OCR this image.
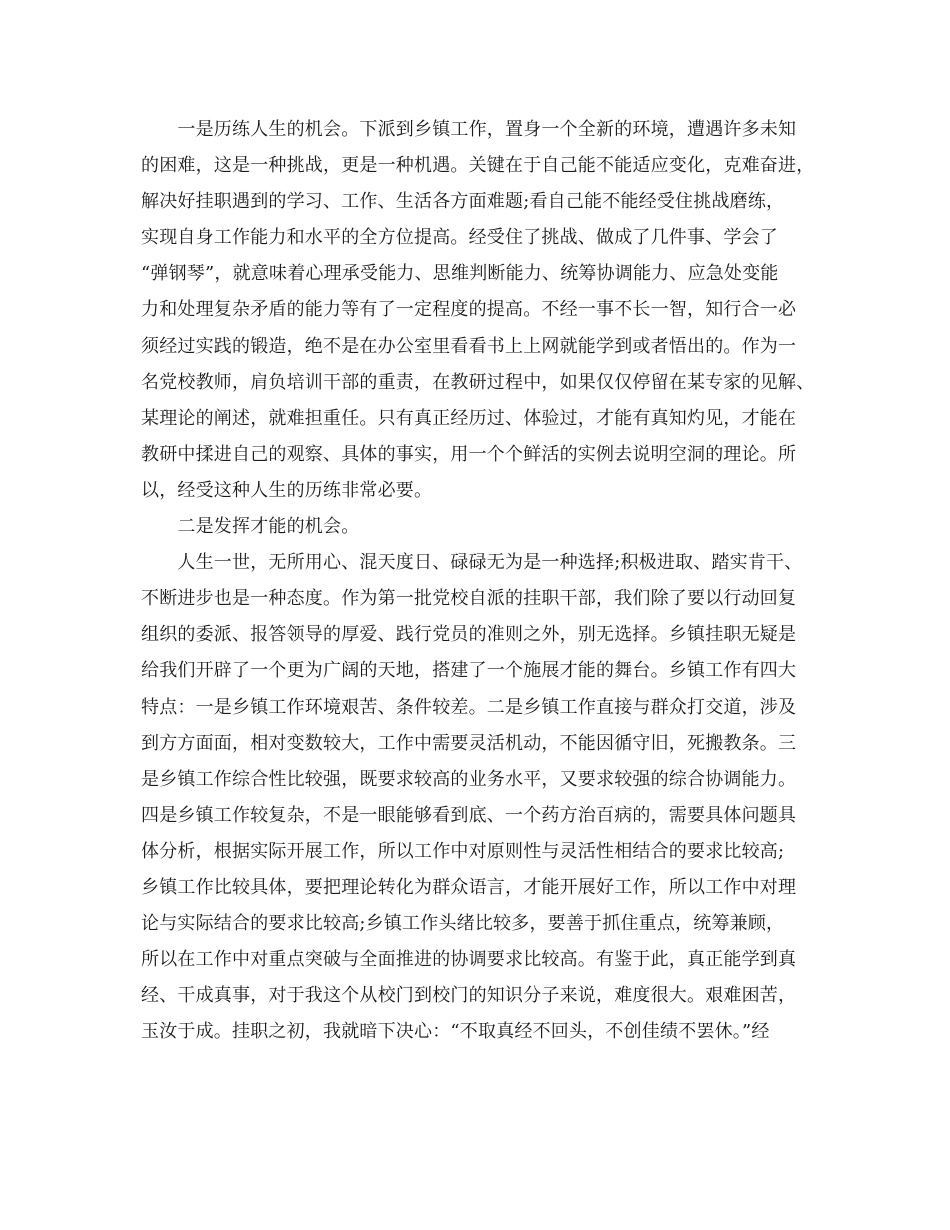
　　一是历练人生的机会。下派到乡镇工作，置身一个全新的环境，遭遇许多未知
的困难，这是一种挑战，更是一种机遇。关键在于自己能不能适应变化，克难奋进，
解决好挂职遇到的学习、工作、生活各方面难题;看自己能不能经受住挑战磨练，
实现自身工作能力和水平的全方位提高。经受住了挑战、做成了几件事、学会了
“弹钢琴”，就意味着心理承受能力、思维判断能力、统筹协调能力、应急处变能
力和处理复杂矛盾的能力等有了一定程度的提高。不经一事不长一智，知行合一必
须经过实践的锻造，绝不是在办公室里看看书上上网就能学到或者悟出的。作为一
名党校教师，肩负培训干部的重责，在教研过程中，如果仅仅停留在某专家的见解、
某理论的阐述，就难担重任。只有真正经历过、体验过，才能有真知灼见，才能在
教研中揉进自己的观察、具体的事实，用一个个鲜活的实例去说明空洞的理论。所
以，经受这种人生的历练非常必要。
　　二是发挥才能的机会。
　　人生一世，无所用心、混天度日、碌碌无为是一种选择;积极进取、踏实肯干、
不断进步也是一种态度。作为第一批党校自派的挂职干部，我们除了要以行动回复
组织的委派、报答领导的厚爱、践行党员的准则之外，别无选择。乡镇挂职无疑是
给我们开辟了一个更为广阔的天地，搭建了一个施展才能的舞台。乡镇工作有四大
特点：一是乡镇工作环境艰苦、条件较差。二是乡镇工作直接与群众打交道，涉及
到方方面面，相对变数较大，工作中需要灵活机动，不能因循守旧，死搬教条。三
是乡镇工作综合性比较强，既要求较高的业务水平，又要求较强的综合协调能力。
四是乡镇工作较复杂，不是一眼能够看到底、一个药方治百病的，需要具体问题具
体分析，根据实际开展工作，所以工作中对原则性与灵活性相结合的要求比较高;
乡镇工作比较具体，要把理论转化为群众语言，才能开展好工作，所以工作中对理
论与实际结合的要求比较高;乡镇工作头绪比较多，要善于抓住重点，统筹兼顾，
所以在工作中对重点突破与全面推进的协调要求比较高。有鉴于此，真正能学到真
经、干成真事，对于我这个从校门到校门的知识分子来说，难度很大。艰难困苦，
玉汝于成。挂职之初，我就暗下决心：“不取真经不回头，不创佳绩不罢休。”经
